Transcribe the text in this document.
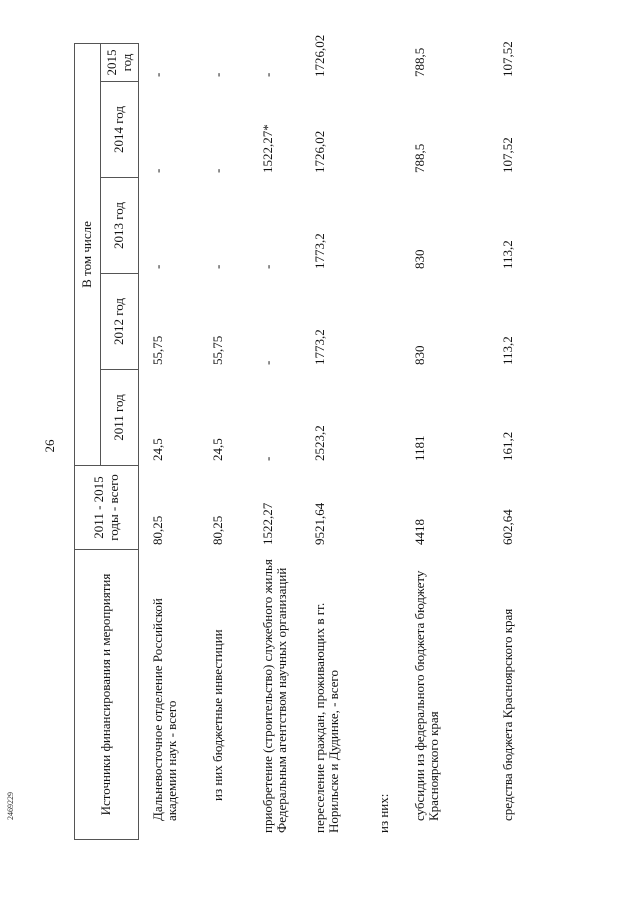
26
2469229	Источники финансирования и мероприятия	2011 - 2015 годы - всего	В том числе				
		2011 год	2012 год	2013 год	2014 год	2015 год
Дальневосточное отделение Российской академии наук - всего	80,25	24,5	55,75	-	-	-
из них бюджетные инвестиции	80,25	24,5	55,75	-	-	-
приобретение (строительство) служебного жилья Федеральным агентством научных организаций	1522,27	-	-	-	1522,27*	-
переселение граждан, проживающих в гг. Норильске и Дудинке, - всего	9521,64	2523,2	1773,2	1773,2	1726,02	1726,02
из них:						
субсидии из федерального бюджета бюджету Красноярского края	4418	1181	830	830	788,5	788,5
средства бюджета Красноярского края	602,64	161,2	113,2	113,2	107,52	107,52
